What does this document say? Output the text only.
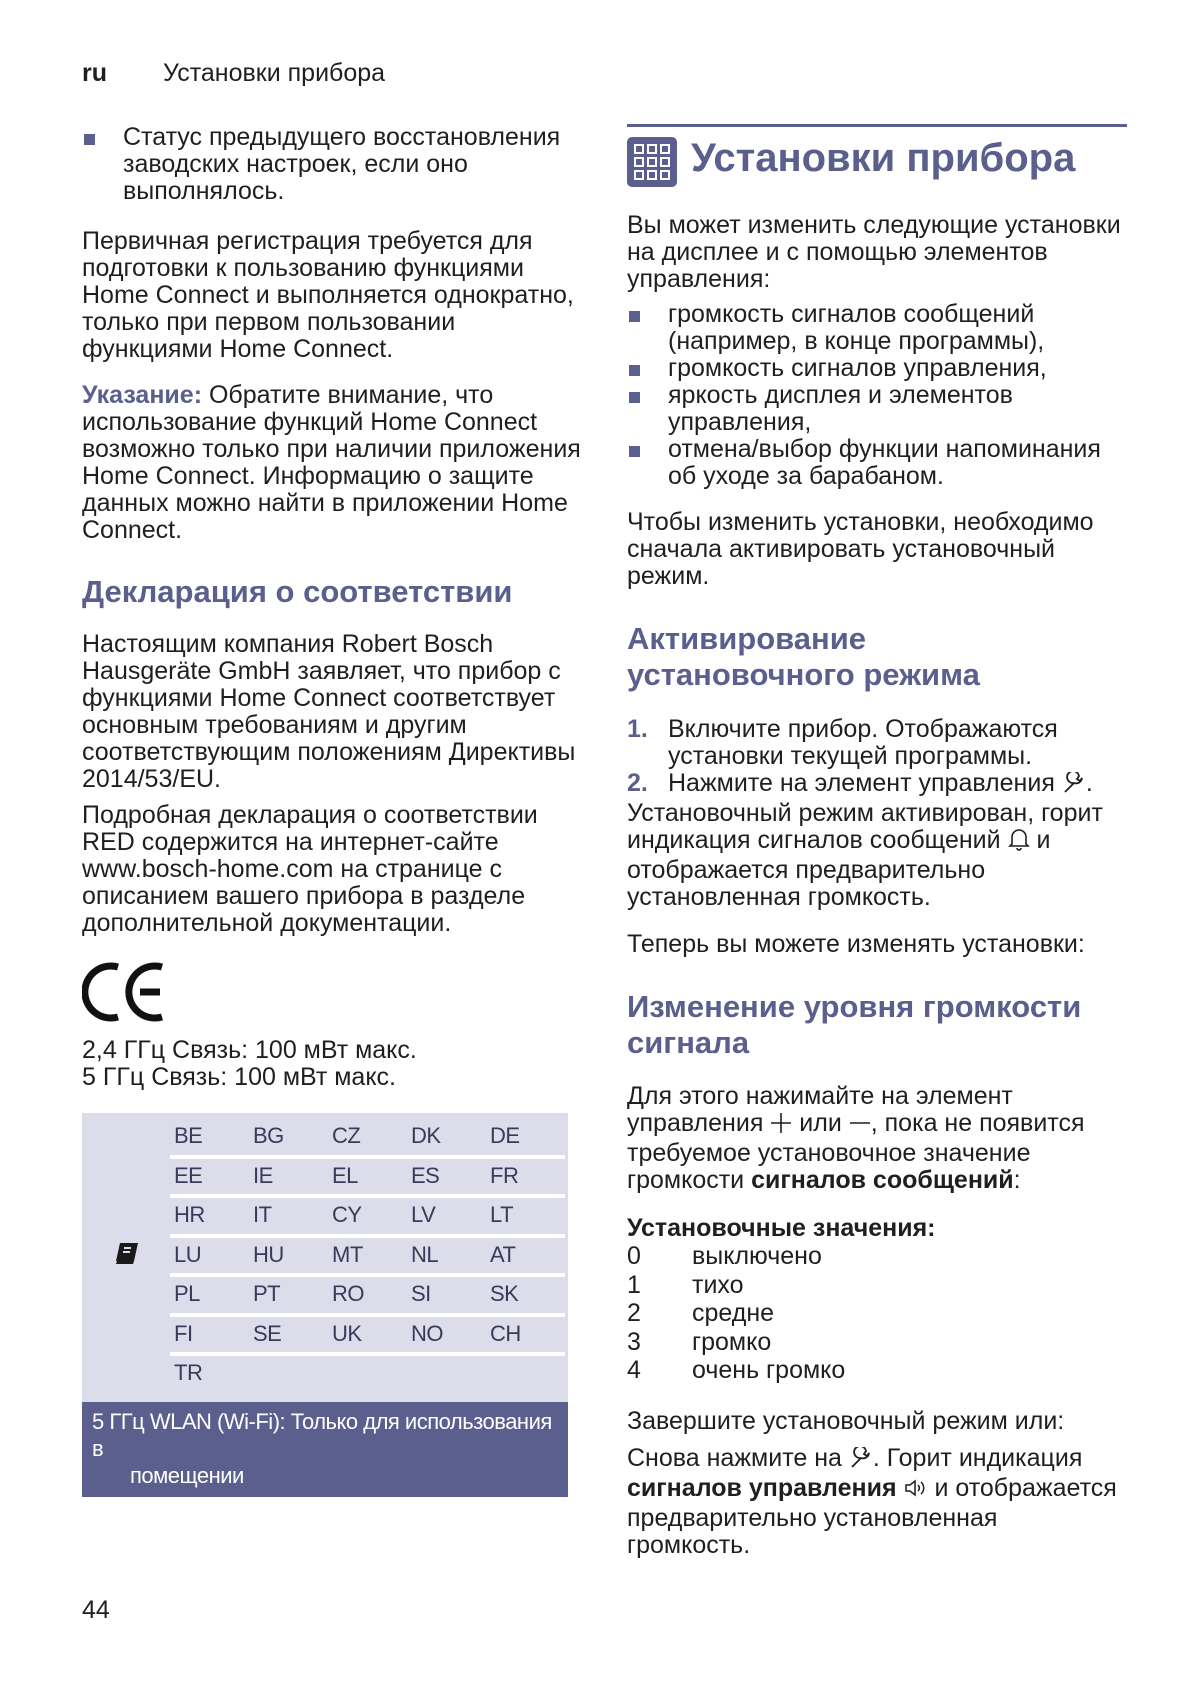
ru Установки прибора
Статус предыдущего восстановления заводских настроек, если оно выполнялось.

Первичная регистрация требуется для подготовки к пользованию функциями Home Connect и выполняется однократно, только при первом пользовании функциями Home Connect.

Указание: Обратите внимание, что использование функций Home Connect возможно только при наличии приложения Home Connect. Информацию о защите данных можно найти в приложении Home Connect.

Декларация о соответствии

Настоящим компания Robert Bosch Hausgeräte GmbH заявляет, что прибор с функциями Home Connect соответствует основным требованиям и другим соответствующим положениям Директивы 2014/53/EU.

Подробная декларация о соответствии RED содержится на интернет-сайте www.bosch-home.com на странице с описанием вашего прибора в разделе дополнительной документации.

2,4 ГГц Связь: 100 мВт макс.

5 ГГц Связь: 100 мВт макс.

BE	BG	CZ	DK	DE
EE	IE	EL	ES	FR
HR	IT	CY	LV	LT
LU	HU	MT	NL	AT
PL	PT	RO	SI	SK
FI	SE	UK	NO	CH
TR
5 ГГц WLAN (Wi-Fi): Только для использования в
помещении
Установки прибора

Вы может изменить следующие установки на дисплее и с помощью элементов управления:

громкость сигналов сообщений (например, в конце программы),
громкость сигналов управления,
яркость дисплея и элементов управления,
отмена/выбор функции напоминания об уходе за барабаном.

Чтобы изменить установки, необходимо сначала активировать установочный режим.

Активирование
установочного режима
1. Включите прибор. Отображаются установки текущей программы.
2. Нажмите на элемент управления .

Установочный режим активирован, горит индикация сигналов сообщений и отображается предварительно установленная громкость.

Теперь вы можете изменять установки:

Изменение уровня громкости
сигнала

Для этого нажимайте на элемент управления или , пока не появится требуемое установочное значение громкости сигналов сообщений:

Установочные значения:

0	выключено
1	тихо
2	средне
3	громко
4	очень громко

Завершите установочный режим или:

Снова нажмите на . Горит индикация сигналов управления и отображается предварительно установленная громкость.

44
